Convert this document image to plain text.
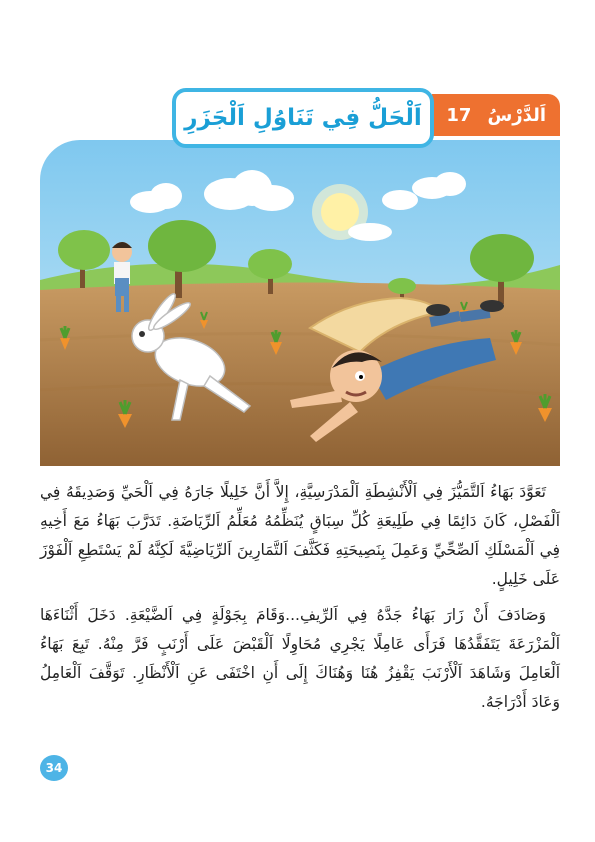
اَلدَّرْسُ
17
اَلْحَلُّ فِي تَنَاوُلِ اَلْجَزَرِ

تَعَوَّدَ بَهَاءُ اَلتَّمَيُّزَ فِي اَلْأَنْشِطَةِ اَلْمَدْرَسِيَّةِ، إِلاَّ أَنَّ خَلِيلًا جَارَهُ فِي اَلْحَيِّ وَصَدِيقَهُ فِي اَلْفَصْلِ، كَانَ دَائِمًا فِي طَلِيعَةِ كُلِّ سِبَاقٍ يُنَظِّمُهُ مُعَلِّمُ اَلرِّيَاضَةِ. تَدَرَّبَ بَهَاءُ مَعَ أَخِيهِ فِي اَلْمَسْلَكِ اَلصِّحِّيِّ وَعَمِلَ بِنَصِيحَتِهِ فَكَثَّفَ اَلتَّمَارِينَ اَلرِّيَاضِيَّةَ لَكِنَّهُ لَمْ يَسْتَطِعِ اَلْفَوْزَ عَلَى خَلِيلٍ.

وَصَادَفَ أَنْ زَارَ بَهَاءُ جَدَّهُ فِي اَلرِّيفِ...وَقَامَ بِجَوْلَةٍ فِي اَلضَّيْعَةِ. دَخَلَ أَثْنَاءَهَا اَلْمَزْرَعَةَ يَتَفَقَّدُهَا فَرَأَى عَامِلًا يَجْرِي مُحَاوِلًا اَلْقَبْضَ عَلَى أَرْنَبٍ فَرَّ مِنْهُ. تَبِعَ بَهَاءُ اَلْعَامِلَ وَشَاهَدَ اَلْأَرْنَبَ يَقْفِزُ هُنَا وَهُنَاكَ إِلَى أَنِ اخْتَفَى عَنِ اَلْأَنْظَارِ. تَوَقَّفَ اَلْعَامِلُ وَعَادَ أَدْرَاجَهُ.

34
